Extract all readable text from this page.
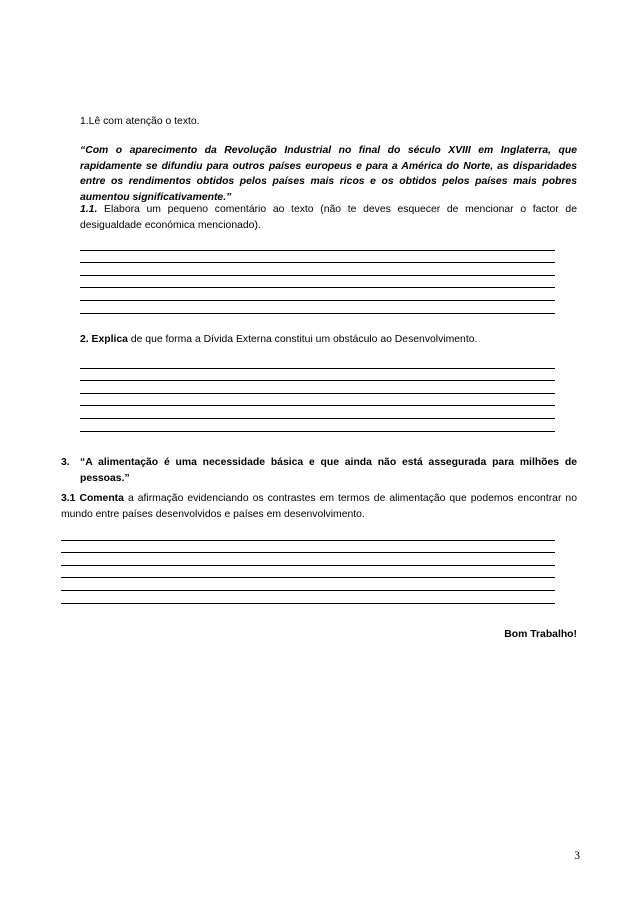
1.Lê com atenção o texto.
“Com o aparecimento da Revolução Industrial no final do século XVIII em Inglaterra, que rapidamente se difundiu para outros países europeus e para a América do Norte, as disparidades entre os rendimentos obtidos pelos países mais ricos e os obtidos pelos países mais pobres aumentou significativamente.”
1.1. Elabora um pequeno comentário ao texto (não te deves esquecer de mencionar o factor de desigualdade económica mencionado).
2. Explica de que forma a Dívida Externa constitui um obstáculo ao Desenvolvimento.
3. “A alimentação é uma necessidade básica e que ainda não está assegurada para milhões de pessoas.”
3.1 Comenta a afirmação evidenciando os contrastes em termos de alimentação que podemos encontrar no mundo entre países desenvolvidos e países em desenvolvimento.
Bom Trabalho!
3
